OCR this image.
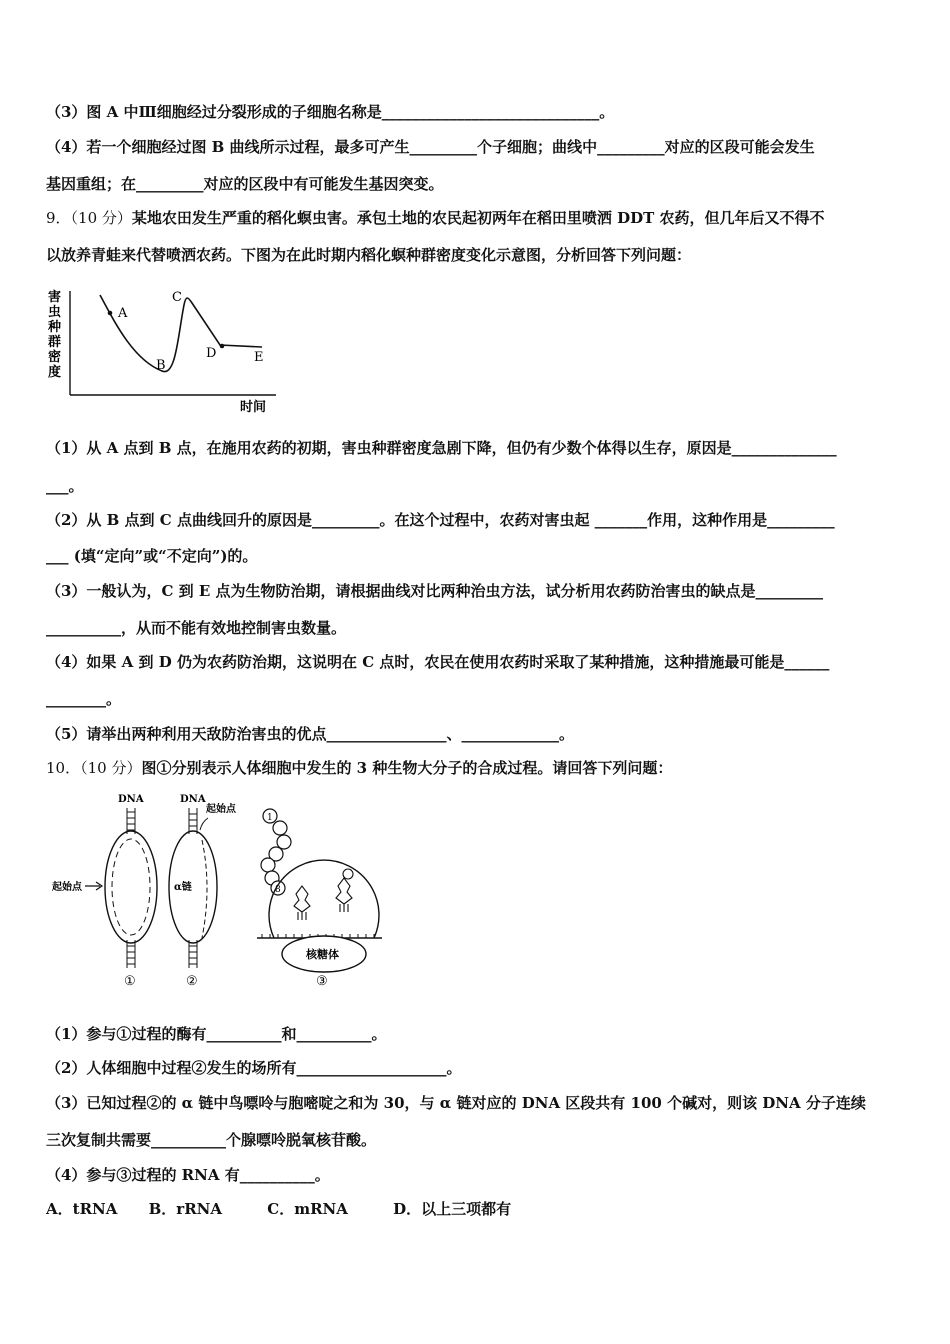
（3）图 A 中Ⅲ细胞经过分裂形成的子细胞名称是_____________________________。
（4）若一个细胞经过图 B 曲线所示过程，最多可产生_________个子细胞；曲线中_________对应的区段可能会发生
基因重组；在_________对应的区段中有可能发生基因突变。
9．（10 分）某地农田发生严重的稻化螟虫害。承包土地的农民起初两年在稻田里喷洒 DDT 农药，但几年后又不得不
以放养青蛙来代替喷洒农药。下图为在此时期内稻化螟种群密度变化示意图，分析回答下列问题：
害虫种群密度
A
B
C
D	E
时间
（1）从 A 点到 B 点，在施用农药的初期，害虫种群密度急剧下降，但仍有少数个体得以生存，原因是______________
___。
（2）从 B 点到 C 点曲线回升的原因是_________。在这个过程中，农药对害虫起 _______作用，这种作用是_________
___ (填“定向”或“不定向”)的。
（3）一般认为，C 到 E 点为生物防治期，请根据曲线对比两种治虫方法，试分析用农药防治害虫的缺点是_________
__________，从而不能有效地控制害虫数量。
（4）如果 A 到 D 仍为农药防治期，这说明在 C 点时，农民在使用农药时采取了某种措施，这种措施最可能是______
________。
（5）请举出两种利用天敌防治害虫的优点________________、_____________。
10．（10 分）图①分别表示人体细胞中发生的 3 种生物大分子的合成过程。请回答下列问题：
DNA
起始点
①
DNA
起始点
α链
②
1
8
核糖体
③
（1）参与①过程的酶有__________和__________。
（2）人体细胞中过程②发生的场所有____________________。
（3）已知过程②的 α 链中鸟嘌呤与胞嘧啶之和为 30，与 α 链对应的 DNA 区段共有 100 个碱对，则该 DNA 分子连续
三次复制共需要__________个腺嘌呤脱氧核苷酸。
（4）参与③过程的 RNA 有__________。
A．tRNA B．rRNA	C．mRNA	D．以上三项都有
